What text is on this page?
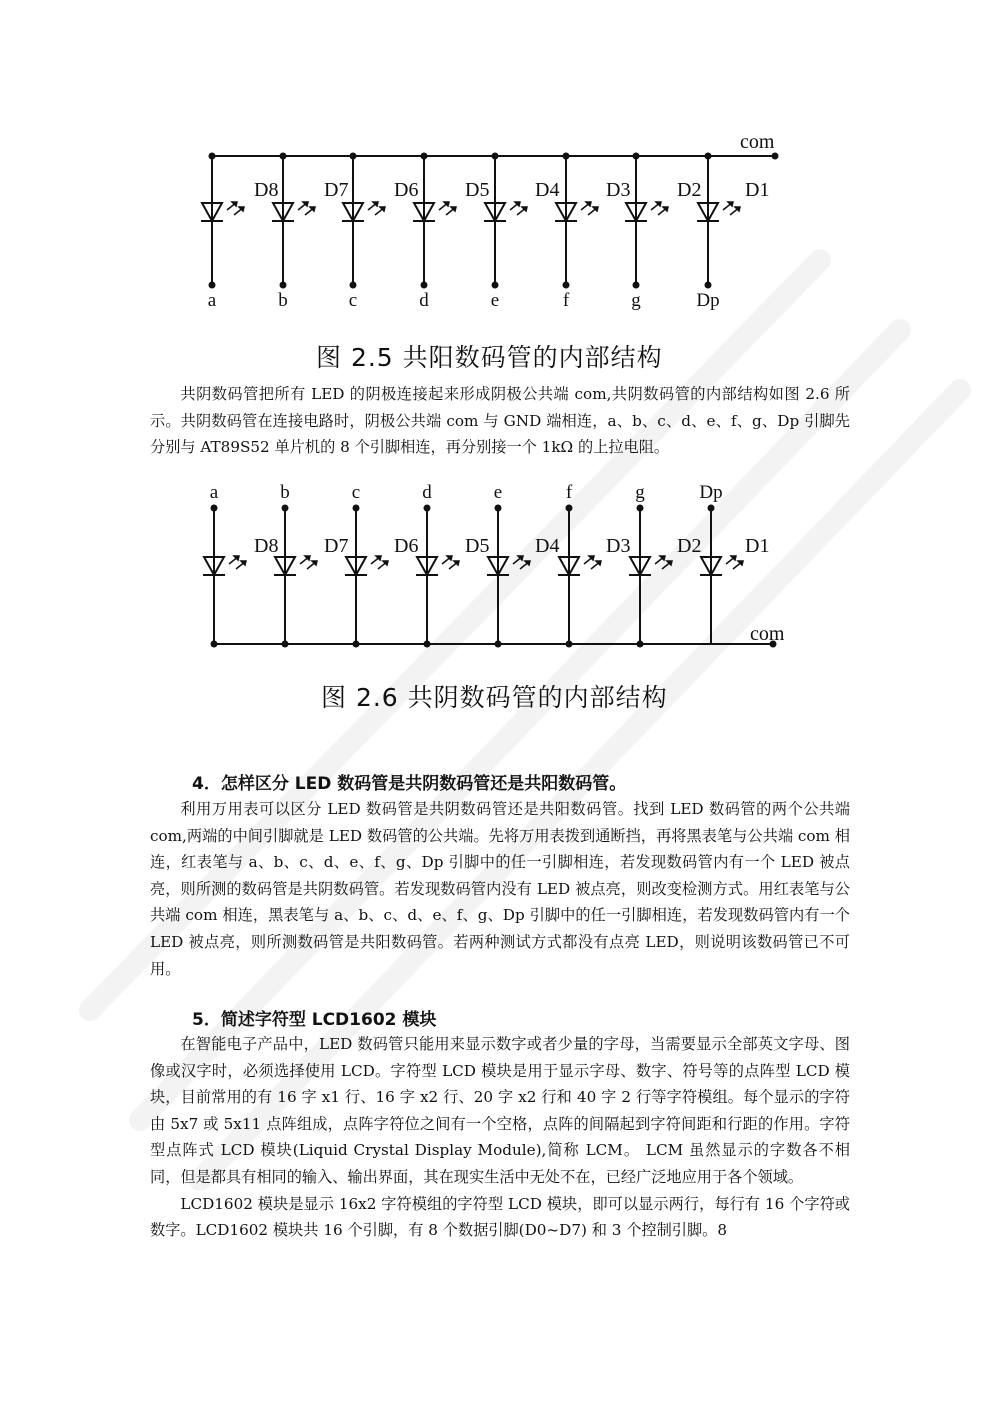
com
a	b	c	d	e	f	g	Dp
D8 D7 D6 D5 D4 D3 D2 D1
图 2.5 共阳数码管的内部结构

共阴数码管把所有 LED 的阴极连接起来形成阴极公共端 com,共阴数码管的内部结构如图 2.6 所示。共阴数码管在连接电路时，阴极公共端 com 与 GND 端相连，a、b、c、d、e、f、g、Dp 引脚先分别与 AT89S52 单片机的 8 个引脚相连，再分别接一个 1kΩ 的上拉电阻。

com
a	b	c	d	e	f	g	Dp
D8 D7 D6 D5 D4 D3 D2 D1
图 2.6 共阴数码管的内部结构
4．怎样区分 LED 数码管是共阴数码管还是共阳数码管。

利用万用表可以区分 LED 数码管是共阴数码管还是共阳数码管。找到 LED 数码管的两个公共端 com,两端的中间引脚就是 LED 数码管的公共端。先将万用表拨到通断挡，再将黑表笔与公共端 com 相连，红表笔与 a、b、c、d、e、f、g、Dp 引脚中的任一引脚相连，若发现数码管内有一个 LED 被点亮，则所测的数码管是共阴数码管。若发现数码管内没有 LED 被点亮，则改变检测方式。用红表笔与公共端 com 相连，黑表笔与 a、b、c、d、e、f、g、Dp 引脚中的任一引脚相连，若发现数码管内有一个 LED 被点亮，则所测数码管是共阳数码管。若两种测试方式都没有点亮 LED，则说明该数码管已不可用。

5．简述字符型 LCD1602 模块

在智能电子产品中，LED 数码管只能用来显示数字或者少量的字母，当需要显示全部英文字母、图像或汉字时，必须选择使用 LCD。字符型 LCD 模块是用于显示字母、数字、符号等的点阵型 LCD 模块，目前常用的有 16 字 x1 行、16 字 x2 行、20 字 x2 行和 40 字 2 行等字符模组。每个显示的字符由 5x7 或 5x11 点阵组成，点阵字符位之间有一个空格，点阵的间隔起到字符间距和行距的作用。字符型点阵式 LCD 模块(Liquid Crystal Display Module),简称 LCM。 LCM 虽然显示的字数各不相同，但是都具有相同的输入、输出界面，其在现实生活中无处不在，已经广泛地应用于各个领域。

LCD1602 模块是显示 16x2 字符模组的字符型 LCD 模块，即可以显示两行，每行有 16 个字符或数字。LCD1602 模块共 16 个引脚，有 8 个数据引脚(D0~D7) 和 3 个控制引脚。8
